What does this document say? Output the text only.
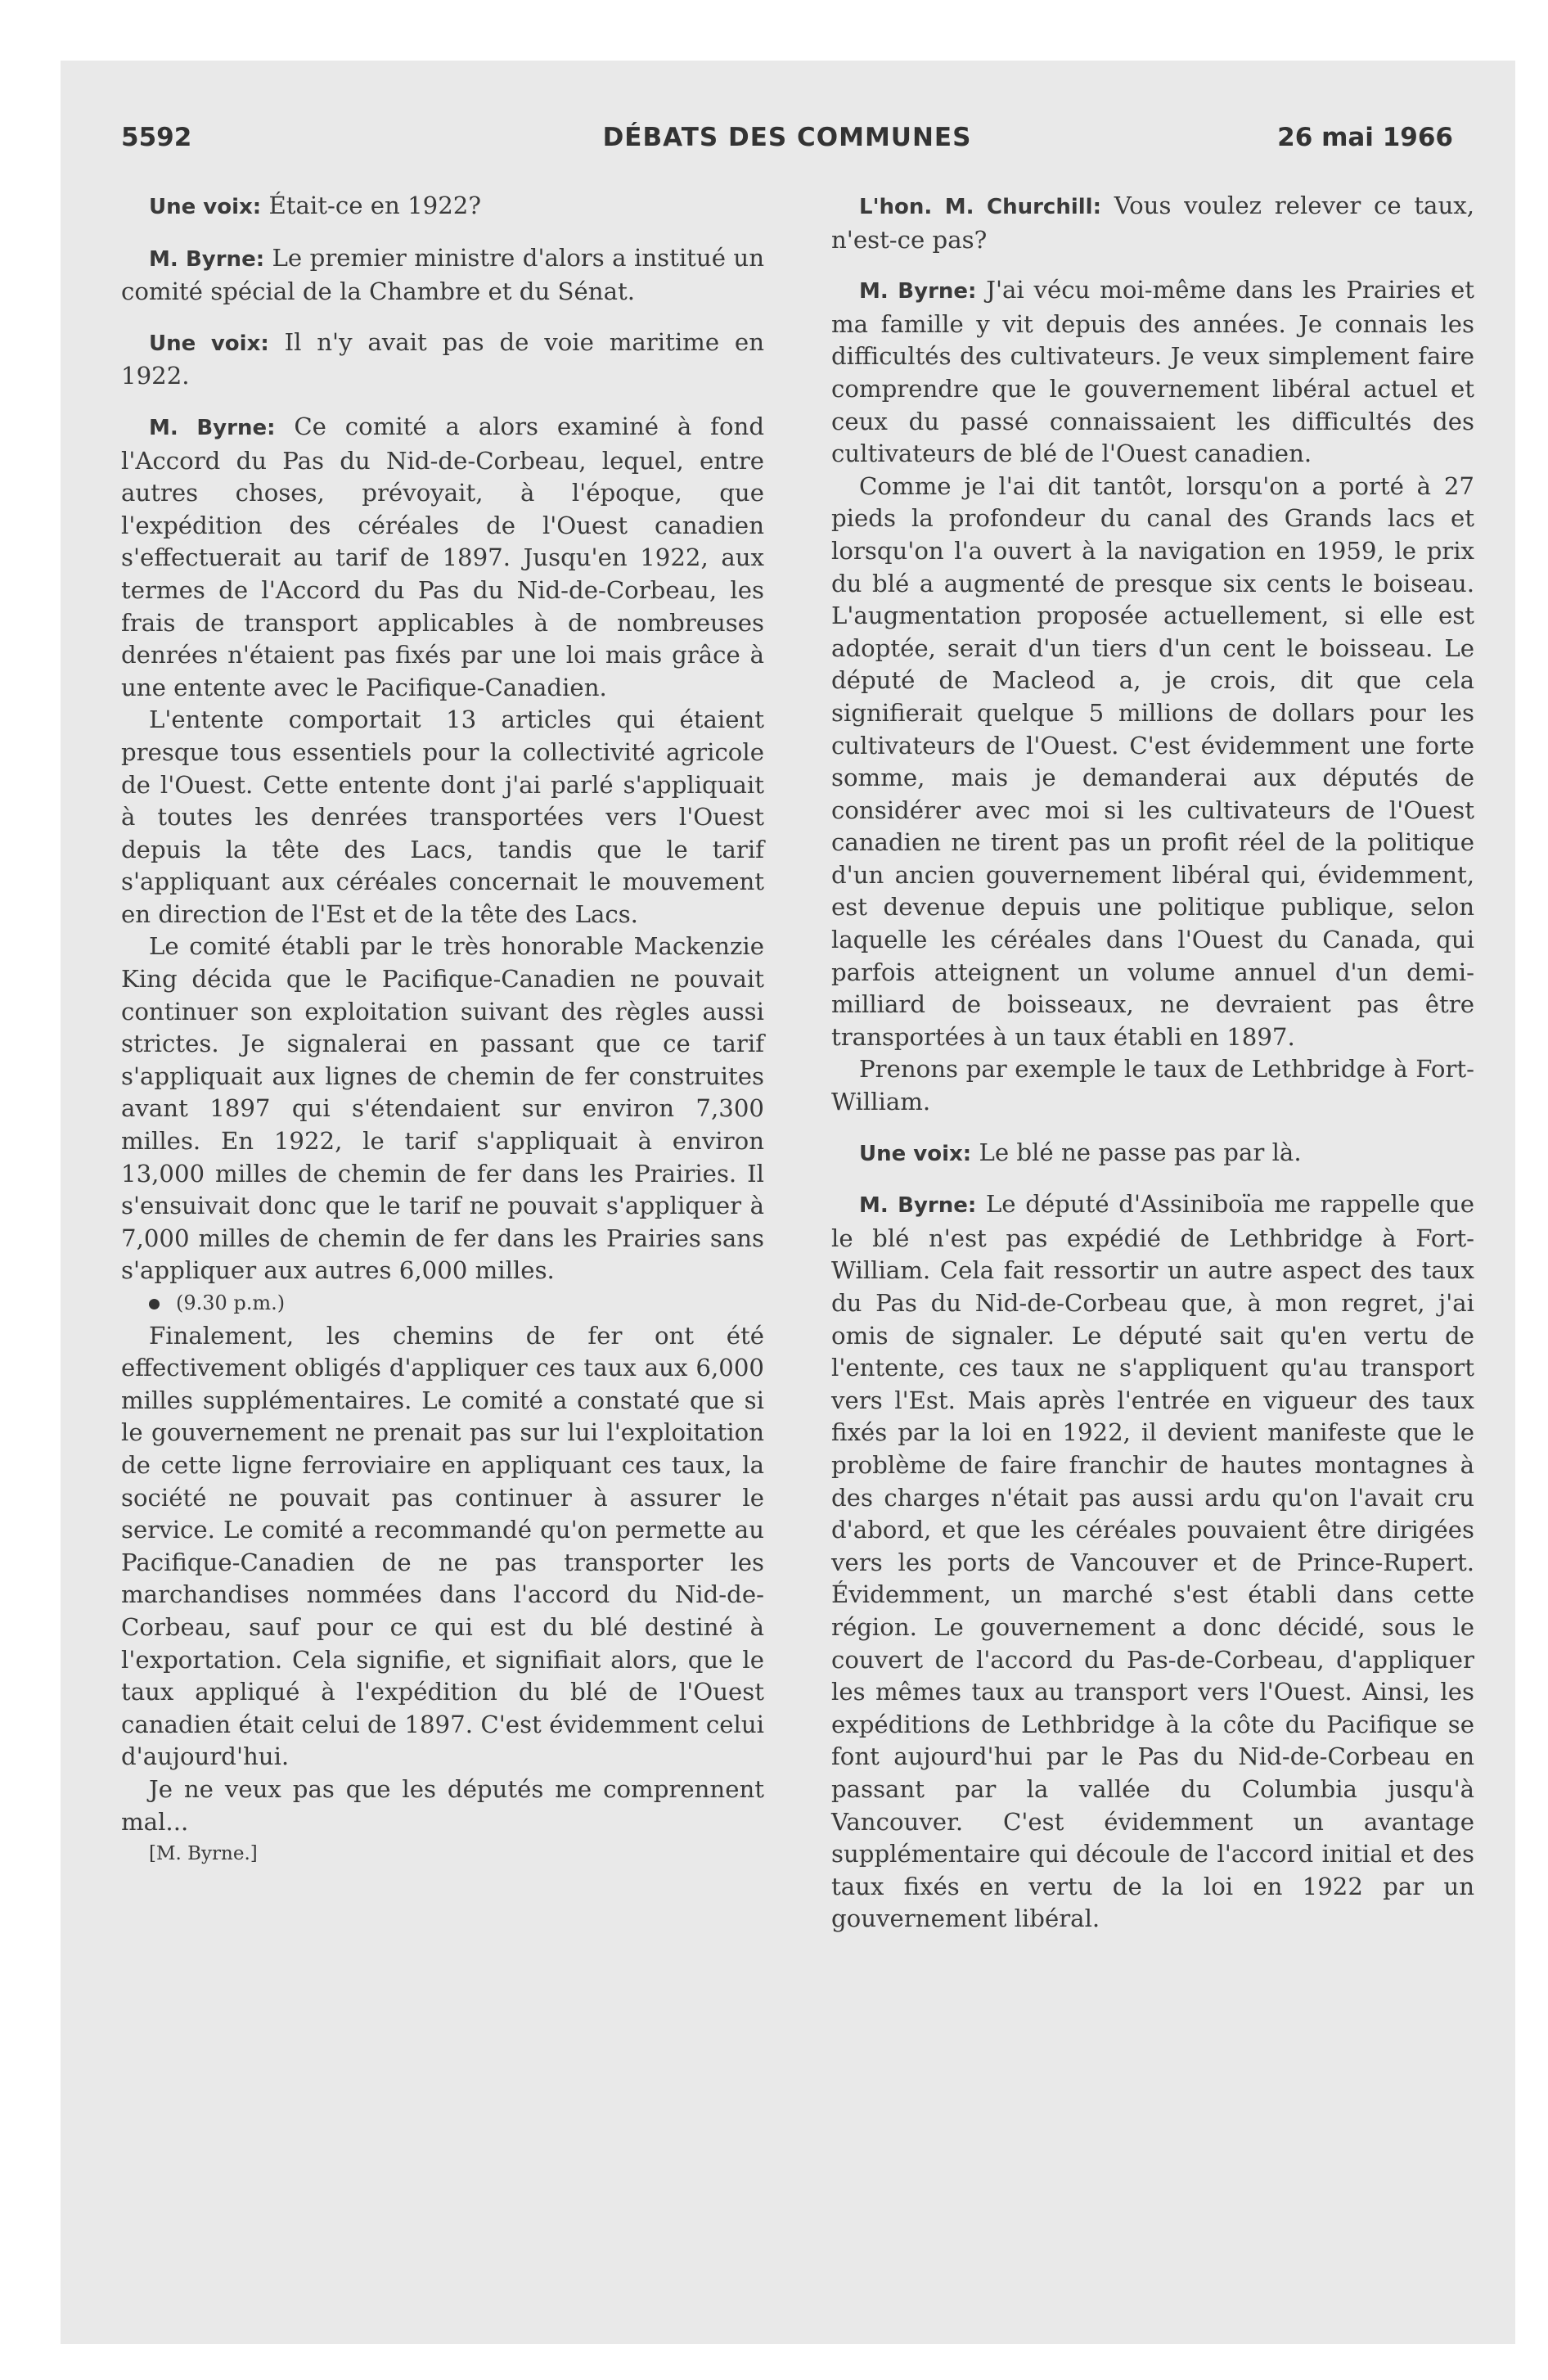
5592	DÉBATS DES COMMUNES	26 mai 1966

Une voix: Était-ce en 1922?

M. Byrne: Le premier ministre d'alors a institué un comité spécial de la Chambre et du Sénat.

Une voix: Il n'y avait pas de voie maritime en 1922.

M. Byrne: Ce comité a alors examiné à fond l'Accord du Pas du Nid-de-Corbeau, lequel, entre autres choses, prévoyait, à l'époque, que l'expédition des céréales de l'Ouest canadien s'effectuerait au tarif de 1897. Jusqu'en 1922, aux termes de l'Accord du Pas du Nid-de-Corbeau, les frais de transport applicables à de nombreuses denrées n'étaient pas fixés par une loi mais grâce à une entente avec le Pacifique-Canadien.

L'entente comportait 13 articles qui étaient presque tous essentiels pour la collectivité agricole de l'Ouest. Cette entente dont j'ai parlé s'appliquait à toutes les denrées transportées vers l'Ouest depuis la tête des Lacs, tandis que le tarif s'appliquant aux céréales concernait le mouvement en direction de l'Est et de la tête des Lacs.

Le comité établi par le très honorable Mackenzie King décida que le Pacifique-Canadien ne pouvait continuer son exploitation suivant des règles aussi strictes. Je signalerai en passant que ce tarif s'appliquait aux lignes de chemin de fer construites avant 1897 qui s'étendaient sur environ 7,300 milles. En 1922, le tarif s'appliquait à environ 13,000 milles de chemin de fer dans les Prairies. Il s'ensuivait donc que le tarif ne pouvait s'appliquer à 7,000 milles de chemin de fer dans les Prairies sans s'appliquer aux autres 6,000 milles.

(9.30 p.m.)

Finalement, les chemins de fer ont été effectivement obligés d'appliquer ces taux aux 6,000 milles supplémentaires. Le comité a constaté que si le gouvernement ne prenait pas sur lui l'exploitation de cette ligne ferroviaire en appliquant ces taux, la société ne pouvait pas continuer à assurer le service. Le comité a recommandé qu'on permette au Pacifique-Canadien de ne pas transporter les marchandises nommées dans l'accord du Nid-de-Corbeau, sauf pour ce qui est du blé destiné à l'exportation. Cela signifie, et signifiait alors, que le taux appliqué à l'expédition du blé de l'Ouest canadien était celui de 1897. C'est évidemment celui d'aujourd'hui.

Je ne veux pas que les députés me comprennent mal...

[M. Byrne.]

L'hon. M. Churchill: Vous voulez relever ce taux, n'est-ce pas?

M. Byrne: J'ai vécu moi-même dans les Prairies et ma famille y vit depuis des années. Je connais les difficultés des cultivateurs. Je veux simplement faire comprendre que le gouvernement libéral actuel et ceux du passé connaissaient les difficultés des cultivateurs de blé de l'Ouest canadien.

Comme je l'ai dit tantôt, lorsqu'on a porté à 27 pieds la profondeur du canal des Grands lacs et lorsqu'on l'a ouvert à la navigation en 1959, le prix du blé a augmenté de presque six cents le boiseau. L'augmentation proposée actuellement, si elle est adoptée, serait d'un tiers d'un cent le boisseau. Le député de Macleod a, je crois, dit que cela signifierait quelque 5 millions de dollars pour les cultivateurs de l'Ouest. C'est évidemment une forte somme, mais je demanderai aux députés de considérer avec moi si les cultivateurs de l'Ouest canadien ne tirent pas un profit réel de la politique d'un ancien gouvernement libéral qui, évidemment, est devenue depuis une politique publique, selon laquelle les céréales dans l'Ouest du Canada, qui parfois atteignent un volume annuel d'un demi-milliard de boisseaux, ne devraient pas être transportées à un taux établi en 1897.

Prenons par exemple le taux de Lethbridge à Fort-William.

Une voix: Le blé ne passe pas par là.

M. Byrne: Le député d'Assiniboïa me rappelle que le blé n'est pas expédié de Lethbridge à Fort-William. Cela fait ressortir un autre aspect des taux du Pas du Nid-de-Corbeau que, à mon regret, j'ai omis de signaler. Le député sait qu'en vertu de l'entente, ces taux ne s'appliquent qu'au transport vers l'Est. Mais après l'entrée en vigueur des taux fixés par la loi en 1922, il devient manifeste que le problème de faire franchir de hautes montagnes à des charges n'était pas aussi ardu qu'on l'avait cru d'abord, et que les céréales pouvaient être dirigées vers les ports de Vancouver et de Prince-Rupert. Évidemment, un marché s'est établi dans cette région. Le gouvernement a donc décidé, sous le couvert de l'accord du Pas-de-Corbeau, d'appliquer les mêmes taux au transport vers l'Ouest. Ainsi, les expéditions de Lethbridge à la côte du Pacifique se font aujourd'hui par le Pas du Nid-de-Corbeau en passant par la vallée du Columbia jusqu'à Vancouver. C'est évidemment un avantage supplémentaire qui découle de l'accord initial et des taux fixés en vertu de la loi en 1922 par un gouvernement libéral.
